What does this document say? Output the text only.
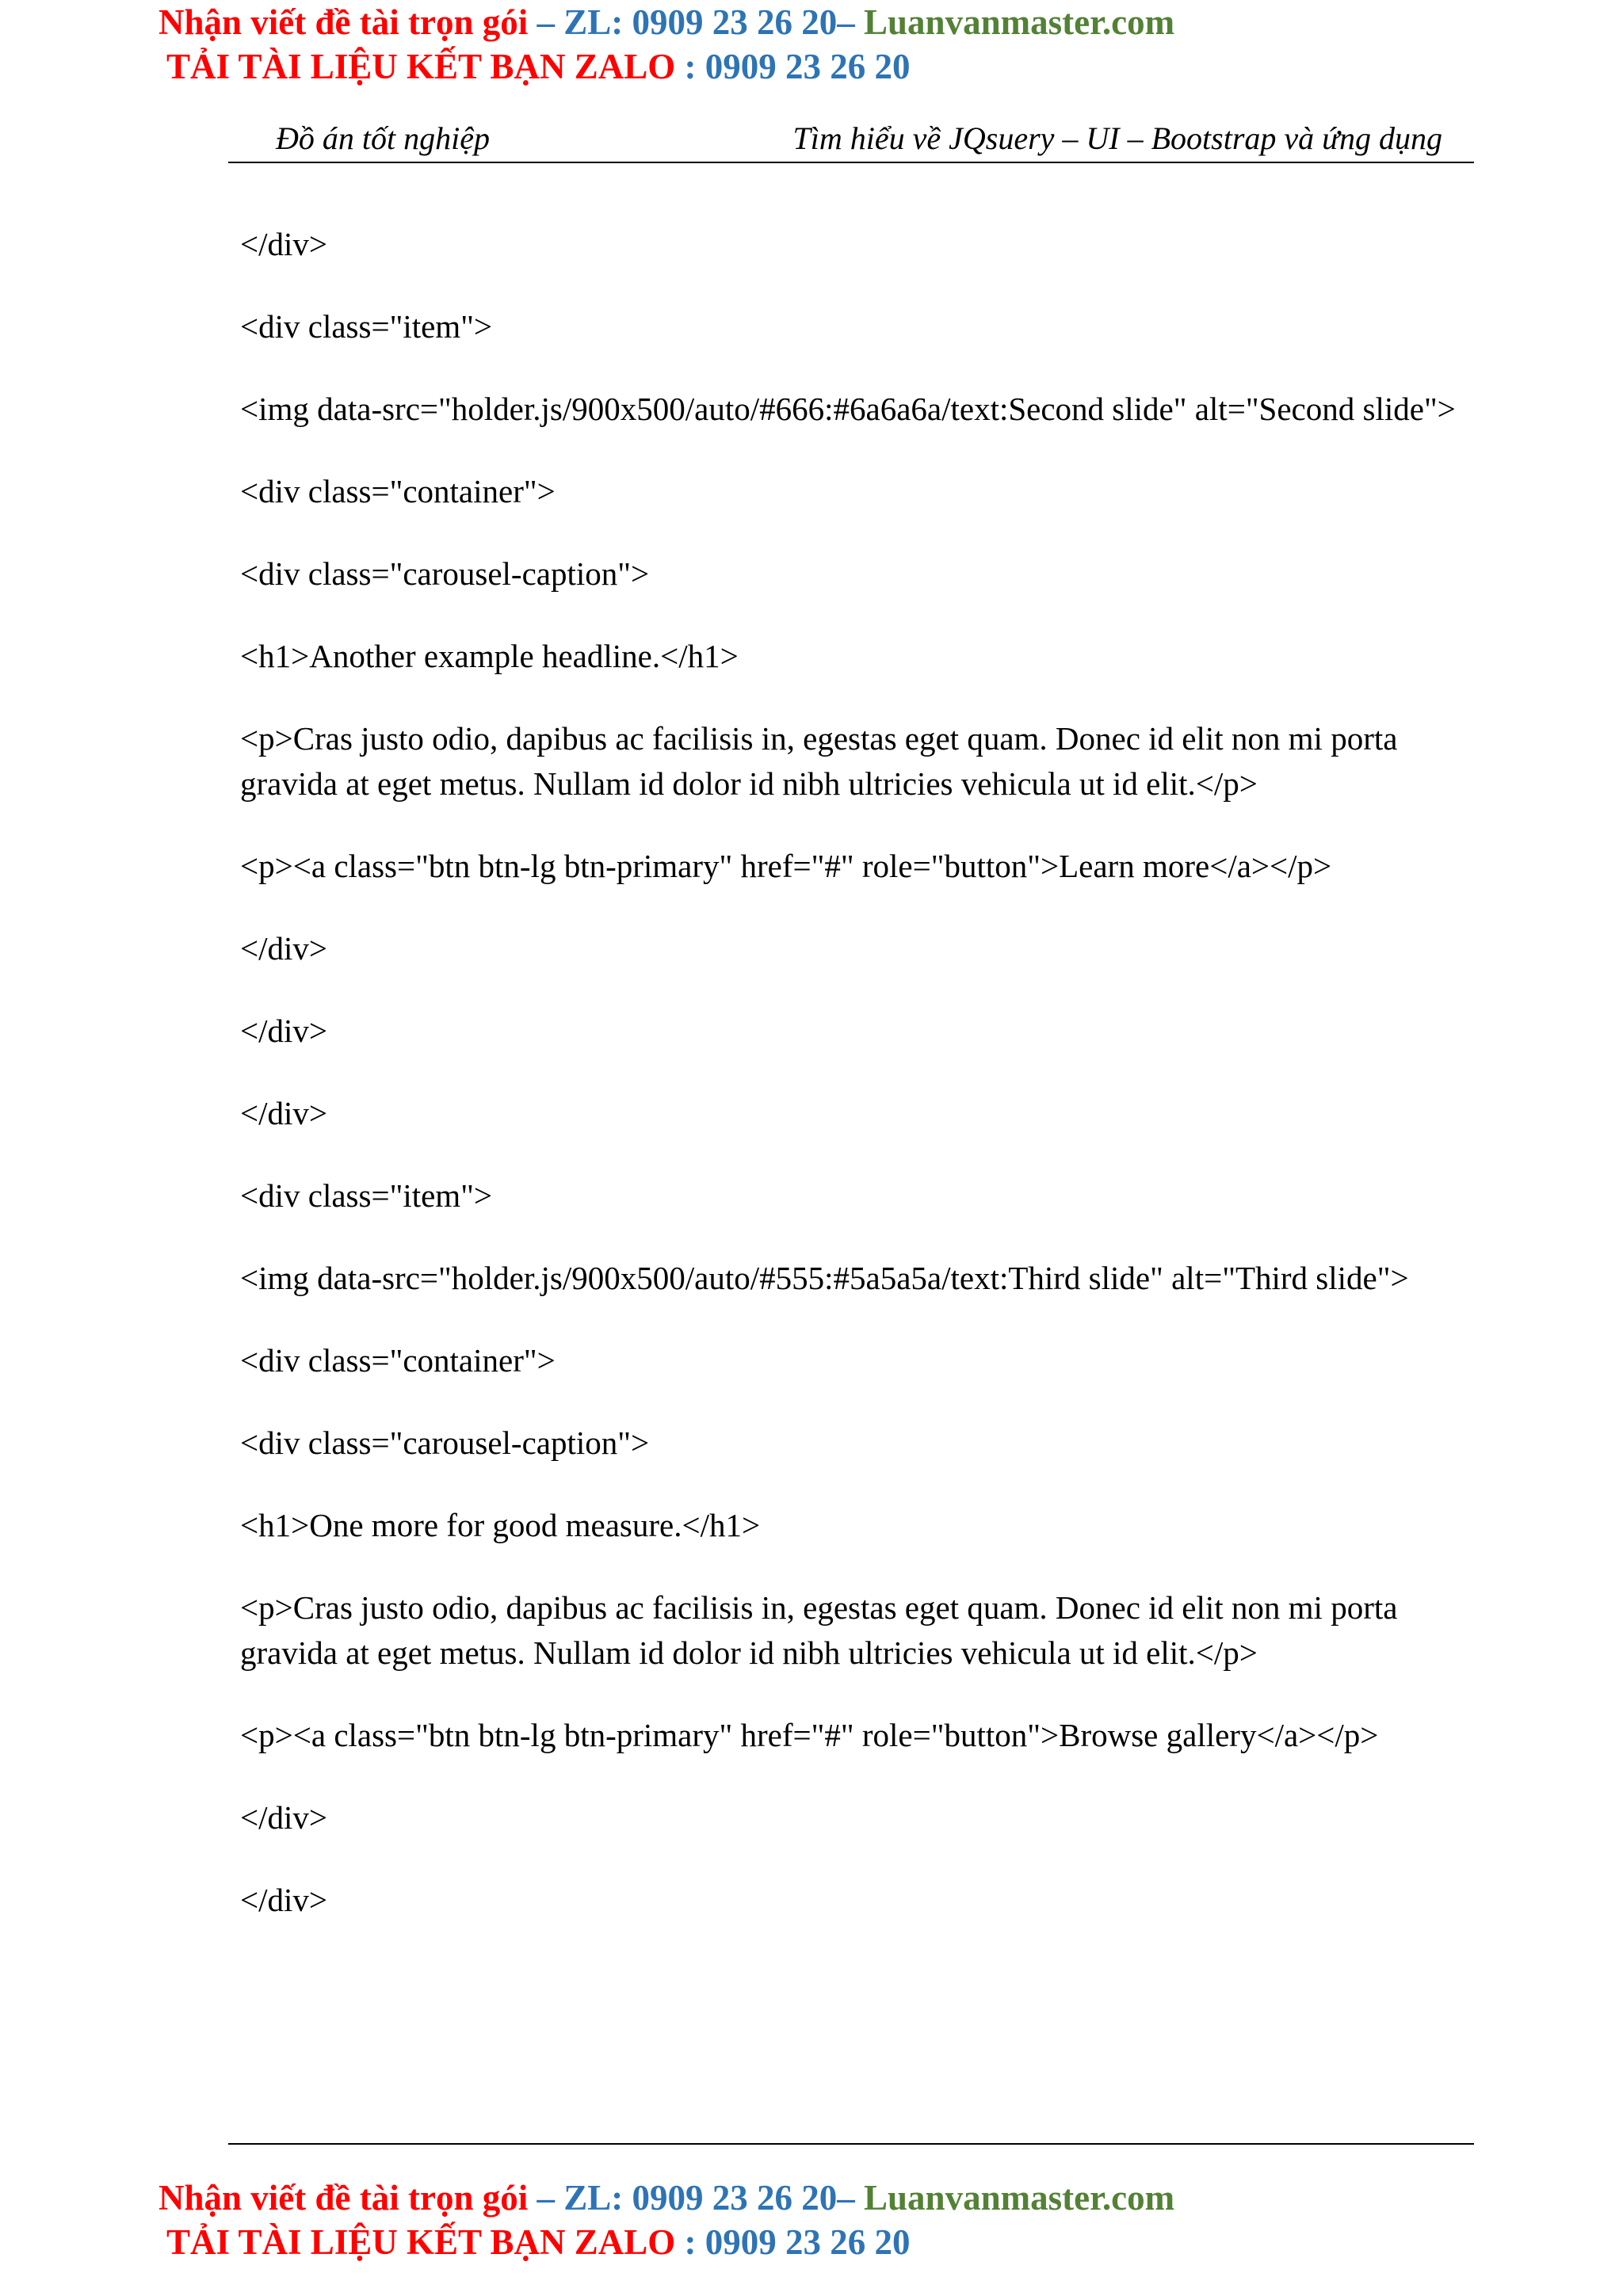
Nhận viết đề tài trọn gói – ZL: 0909 23 26 20– Luanvanmaster.com
TẢI TÀI LIỆU KẾT BẠN ZALO : 0909 23 26 20
Đồ án tốt nghiệp	Tìm hiểu về JQsuery – UI – Bootstrap và ứng dụng

</div>

<div class="item">

<img data-src="holder.js/900x500/auto/#666:#6a6a6a/text:Second slide" alt="Second slide">

<div class="container">

<div class="carousel-caption">

<h1>Another example headline.</h1>

<p>Cras justo odio, dapibus ac facilisis in, egestas eget quam. Donec id elit non mi porta gravida at eget metus. Nullam id dolor id nibh ultricies vehicula ut id elit.</p>

<p><a class="btn btn-lg btn-primary" href="#" role="button">Learn more</a></p>

</div>

</div>

</div>

<div class="item">

<img data-src="holder.js/900x500/auto/#555:#5a5a5a/text:Third slide" alt="Third slide">

<div class="container">

<div class="carousel-caption">

<h1>One more for good measure.</h1>

<p>Cras justo odio, dapibus ac facilisis in, egestas eget quam. Donec id elit non mi porta gravida at eget metus. Nullam id dolor id nibh ultricies vehicula ut id elit.</p>

<p><a class="btn btn-lg btn-primary" href="#" role="button">Browse gallery</a></p>

</div>

</div>

Nhận viết đề tài trọn gói – ZL: 0909 23 26 20– Luanvanmaster.com
TẢI TÀI LIỆU KẾT BẠN ZALO : 0909 23 26 20
